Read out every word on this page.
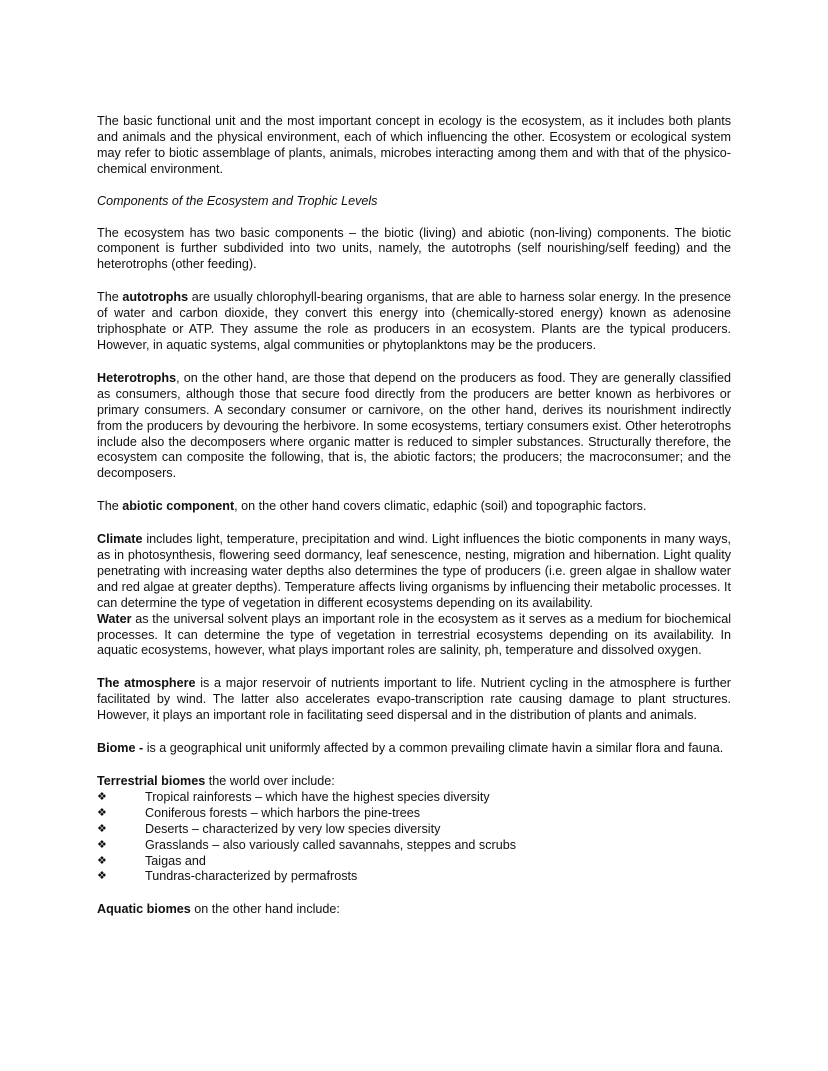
The basic functional unit and the most important concept in ecology is the ecosystem, as it includes both plants and animals and the physical environment, each of which influencing the other. Ecosystem or ecological system may refer to biotic assemblage of plants, animals, microbes interacting among them and with that of the physico-chemical environment.

Components of the Ecosystem and Trophic Levels

The ecosystem has two basic components – the biotic (living) and abiotic (non-living) components. The biotic component is further subdivided into two units, namely, the autotrophs (self nourishing/self feeding) and the heterotrophs (other feeding).

The autotrophs are usually chlorophyll-bearing organisms, that are able to harness solar energy. In the presence of water and carbon dioxide, they convert this energy into (chemically-stored energy) known as adenosine triphosphate or ATP. They assume the role as producers in an ecosystem. Plants are the typical producers. However, in aquatic systems, algal communities or phytoplanktons may be the producers.

Heterotrophs, on the other hand, are those that depend on the producers as food. They are generally classified as consumers, although those that secure food directly from the producers are better known as herbivores or primary consumers. A secondary consumer or carnivore, on the other hand, derives its nourishment indirectly from the producers by devouring the herbivore. In some ecosystems, tertiary consumers exist. Other heterotrophs include also the decomposers where organic matter is reduced to simpler substances. Structurally therefore, the ecosystem can composite the following, that is, the abiotic factors; the producers; the macroconsumer; and the decomposers.

The abiotic component, on the other hand covers climatic, edaphic (soil) and topographic factors.

Climate includes light, temperature, precipitation and wind. Light influences the biotic components in many ways, as in photosynthesis, flowering seed dormancy, leaf senescence, nesting, migration and hibernation. Light quality penetrating with increasing water depths also determines the type of producers (i.e. green algae in shallow water and red algae at greater depths). Temperature affects living organisms by influencing their metabolic processes. It can determine the type of vegetation in different ecosystems depending on its availability.

Water as the universal solvent plays an important role in the ecosystem as it serves as a medium for biochemical processes. It can determine the type of vegetation in terrestrial ecosystems depending on its availability. In aquatic ecosystems, however, what plays important roles are salinity, ph, temperature and dissolved oxygen.

The atmosphere is a major reservoir of nutrients important to life. Nutrient cycling in the atmosphere is further facilitated by wind. The latter also accelerates evapo-transcription rate causing damage to plant structures. However, it plays an important role in facilitating seed dispersal and in the distribution of plants and animals.

Biome - is a geographical unit uniformly affected by a common prevailing climate havin a similar flora and fauna.

Terrestrial biomes the world over include:

❖	Tropical rainforests – which have the highest species diversity
❖	Coniferous forests – which harbors the pine-trees
❖	Deserts – characterized by very low species diversity
❖	Grasslands – also variously called savannahs, steppes and scrubs
❖	Taigas and
❖	Tundras-characterized by permafrosts

Aquatic biomes on the other hand include:
